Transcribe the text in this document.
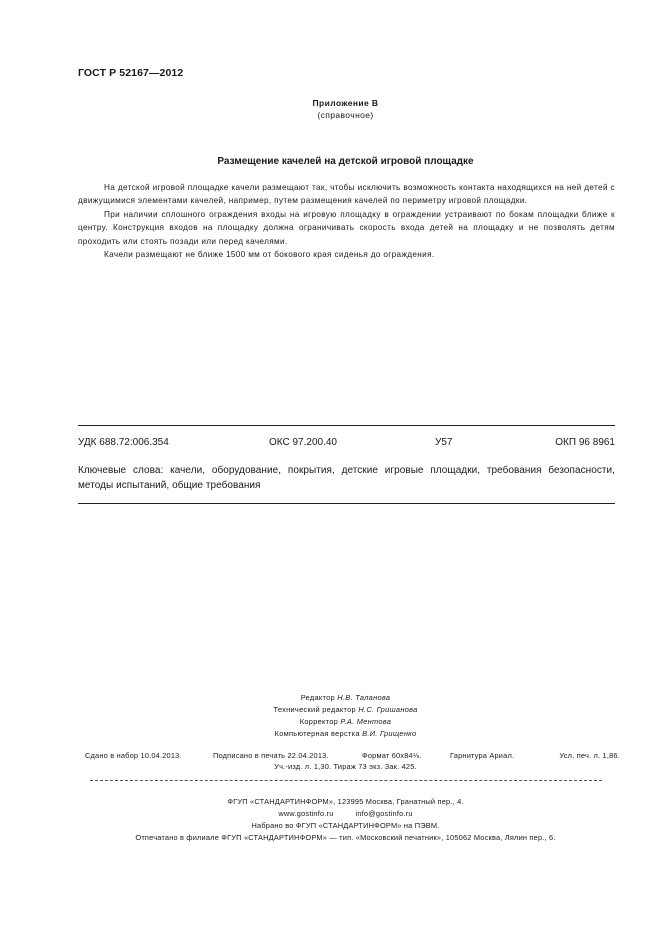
ГОСТ Р 52167—2012
Приложение В
(справочное)
Размещение качелей на детской игровой площадке

На детской игровой площадке качели размещают так, чтобы исключить возможность контакта находящихся на ней детей с движущимися элементами качелей, например, путем размещения качелей по периметру игровой площадки.

При наличии сплошного ограждения входы на игровую площадку в ограждении устраивают по бокам площадки ближе к центру. Конструкция входов на площадку должна ограничивать скорость входа детей на площадку и не позволять детям проходить или стоять позади или перед качелями.

Качели размещают не ближе 1500 мм от бокового края сиденья до ограждения.

УДК 688.72:006.354	ОКС 97.200.40	У57	ОКП 96 8961
Ключевые слова: качели, оборудование, покрытия, детские игровые площадки, требования безопасности, методы испытаний, общие требования
Редактор Н.В. Таланова
Технический редактор Н.С. Гришанова
Корректор Р.А. Ментова
Компьютерная верстка В.И. Грищенко
Сдано в набор 10.04.2013.	Подписано в печать 22.04.2013.	Формат 60x84⅛.	Гарнитура Ариал.	Усл. печ. л. 1,86.
Уч.-изд. л. 1,30. Тираж 73 экз. Зак. 425.
ФГУП «СТАНДАРТИНФОРМ», 123995 Москва, Гранатный пер., 4.
www.gostinfo.ru	info@gostinfo.ru
Набрано во ФГУП «СТАНДАРТИНФОРМ» на ПЭВМ.
Отпечатано в филиале ФГУП «СТАНДАРТИНФОРМ» — тип. «Московский печатник», 105062 Москва, Лялин пер., 6.
